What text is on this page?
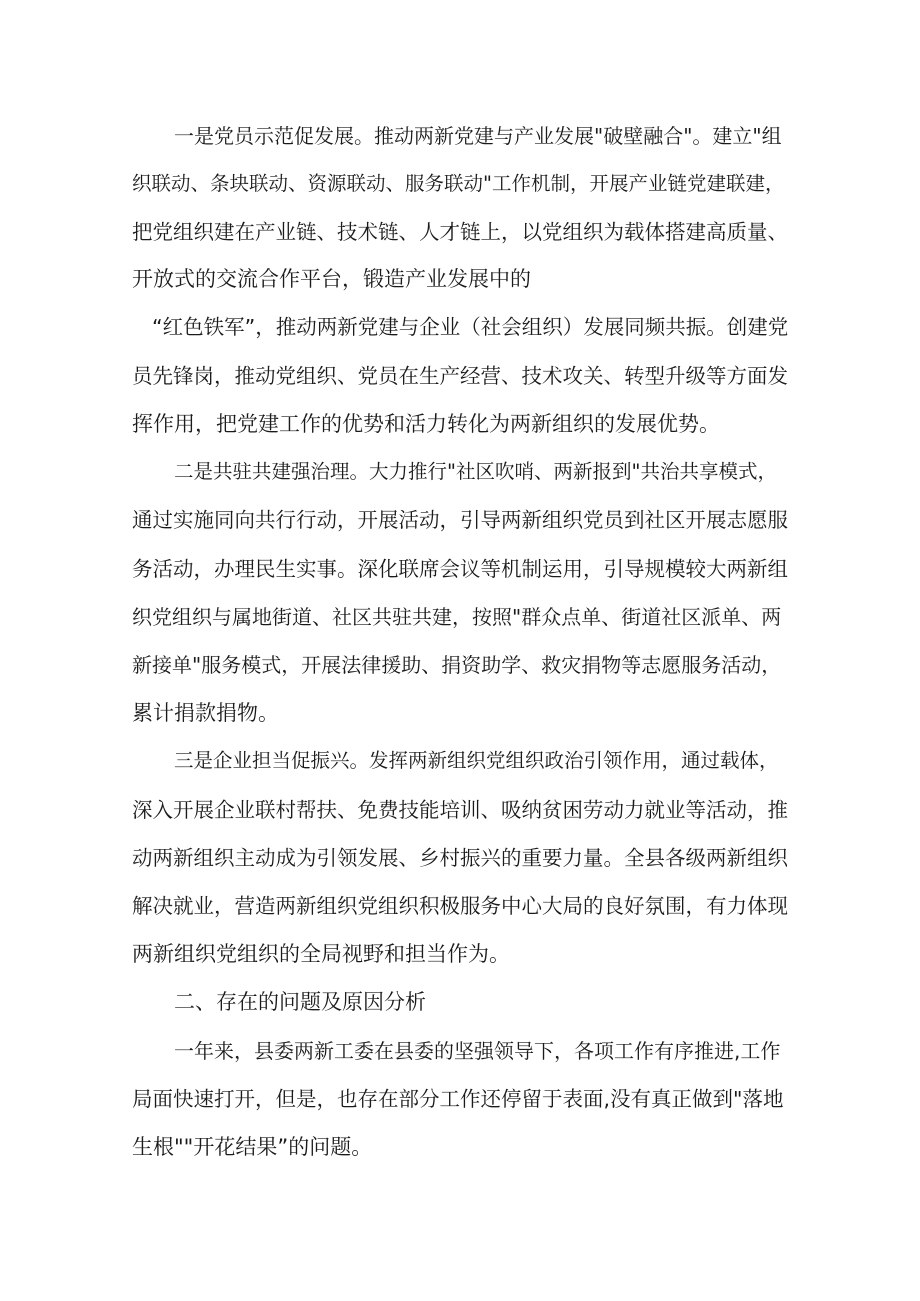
一是党员示范促发展。推动两新党建与产业发展"破壁融合"。建立"组
织联动、条块联动、资源联动、服务联动"工作机制，开展产业链党建联建，
把党组织建在产业链、技术链、人才链上，以党组织为载体搭建高质量、
开放式的交流合作平台，锻造产业发展中的
“红色铁军”，推动两新党建与企业（社会组织）发展同频共振。创建党
员先锋岗，推动党组织、党员在生产经营、技术攻关、转型升级等方面发
挥作用，把党建工作的优势和活力转化为两新组织的发展优势。
二是共驻共建强治理。大力推行"社区吹哨、两新报到"共治共享模式，
通过实施同向共行行动，开展活动，引导两新组织党员到社区开展志愿服
务活动，办理民生实事。深化联席会议等机制运用，引导规模较大两新组
织党组织与属地街道、社区共驻共建，按照"群众点单、街道社区派单、两
新接单"服务模式，开展法律援助、捐资助学、救灾捐物等志愿服务活动，
累计捐款捐物。
三是企业担当促振兴。发挥两新组织党组织政治引领作用，通过载体，
深入开展企业联村帮扶、免费技能培训、吸纳贫困劳动力就业等活动，推
动两新组织主动成为引领发展、乡村振兴的重要力量。全县各级两新组织
解决就业，营造两新组织党组织积极服务中心大局的良好氛围，有力体现
两新组织党组织的全局视野和担当作为。
二、存在的问题及原因分析
一年来，县委两新工委在县委的坚强领导下，各项工作有序推进,工作
局面快速打开，但是，也存在部分工作还停留于表面,没有真正做到"落地
生根""开花结果”的问题。
